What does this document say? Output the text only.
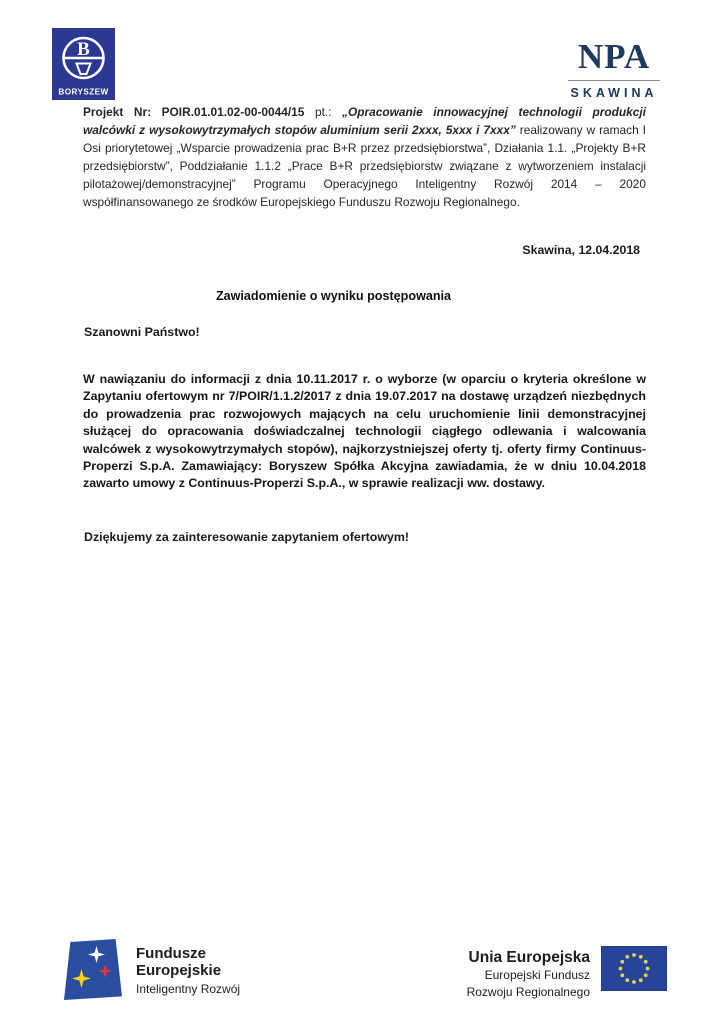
B
BORYSZEW
NPA
SKAWINA

Projekt Nr: POIR.01.01.02-00-0044/15 pt.: „Opracowanie innowacyjnej technologii produkcji walcówki z wysokowytrzymałych stopów aluminium serii 2xxx, 5xxx i 7xxx” realizowany w ramach I Osi priorytetowej „Wsparcie prowadzenia prac B+R przez przedsiębiorstwa”, Działania 1.1. „Projekty B+R przedsiębiorstw”, Poddziałanie 1.1.2 „Prace B+R przedsiębiorstw związane z wytworzeniem instalacji pilotażowej/demonstracyjnej” Programu Operacyjnego Inteligentny Rozwój 2014 – 2020 współfinansowanego ze środków Europejskiego Funduszu Rozwoju Regionalnego.

Skawina, 12.04.2018
Zawiadomienie o wyniku postępowania

Szanowni Państwo!

W nawiązaniu do informacji z dnia 10.11.2017 r. o wyborze (w oparciu o kryteria określone w Zapytaniu ofertowym nr 7/POIR/1.1.2/2017 z dnia 19.07.2017 na dostawę urządzeń niezbędnych do prowadzenia prac rozwojowych mających na celu uruchomienie linii demonstracyjnej służącej do opracowania doświadczalnej technologii ciągłego odlewania i walcowania walcówek z wysokowytrzymałych stopów), najkorzystniejszej oferty tj. oferty firmy Continuus-Properzi S.p.A. Zamawiający: Boryszew Spółka Akcyjna zawiadamia, że w dniu 10.04.2018 zawarto umowy z Continuus-Properzi S.p.A., w sprawie realizacji ww. dostawy.

Dziękujemy za zainteresowanie zapytaniem ofertowym!

Fundusze
Europejskie
Inteligentny Rozwój
Unia Europejska
Europejski Fundusz
Rozwoju Regionalnego
